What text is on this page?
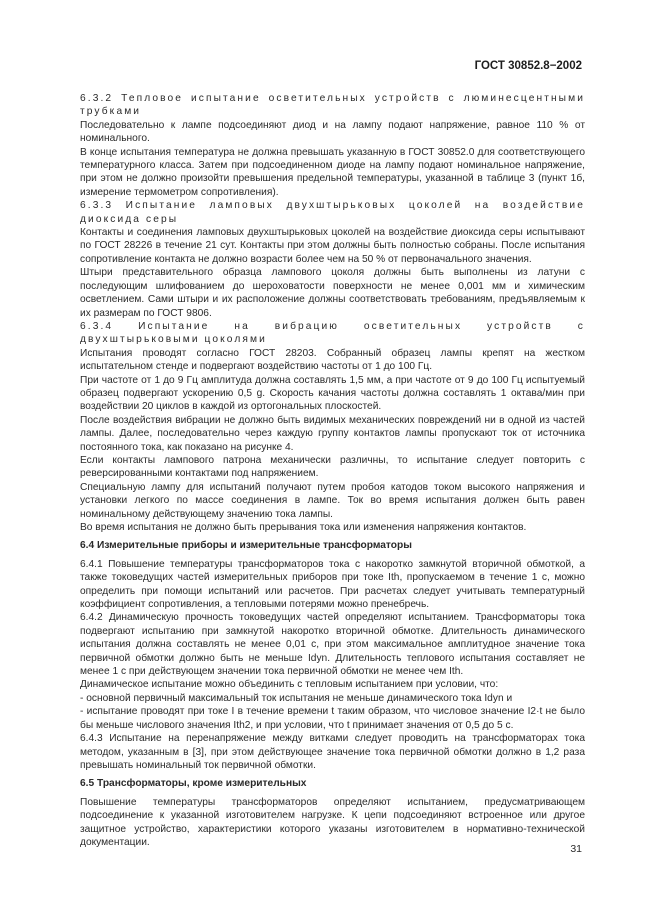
ГОСТ 30852.8−2002

6.3.2 Тепловое испытание осветительных устройств с люминесцентными трубками

Последовательно к лампе подсоединяют диод и на лампу подают напряжение, равное 110 % от номинального.

В конце испытания температура не должна превышать указанную в ГОСТ 30852.0 для соответствующего температурного класса. Затем при подсоединенном диоде на лампу подают номинальное напряжение, при этом не должно произойти превышения предельной температуры, указанной в таблице 3 (пункт 1б, измерение термометром сопротивления).

6.3.3 Испытание ламповых двухштырьковых цоколей на воздействие диоксида серы

Контакты и соединения ламповых двухштырьковых цоколей на воздействие диоксида серы испытывают по ГОСТ 28226 в течение 21 сут. Контакты при этом должны быть полностью собраны. После испытания сопротивление контакта не должно возрасти более чем на 50 % от первоначального значения.

Штыри представительного образца лампового цоколя должны быть выполнены из латуни с последующим шлифованием до шероховатости поверхности не менее 0,001 мм и химическим осветлением. Сами штыри и их расположение должны соответствовать требованиям, предъявляемым к их размерам по ГОСТ 9806.

6.3.4 Испытание на вибрацию осветительных устройств с двухштырьковыми цоколями

Испытания проводят согласно ГОСТ 28203. Собранный образец лампы крепят на жестком испытательном стенде и подвергают воздействию частоты от 1 до 100 Гц.

При частоте от 1 до 9 Гц амплитуда должна составлять 1,5 мм, а при частоте от 9 до 100 Гц испытуемый образец подвергают ускорению 0,5 g. Скорость качания частоты должна составлять 1 октава/мин при воздействии 20 циклов в каждой из ортогональных плоскостей.

После воздействия вибрации не должно быть видимых механических повреждений ни в одной из частей лампы. Далее, последовательно через каждую группу контактов лампы пропускают ток от источника постоянного тока, как показано на рисунке 4.

Если контакты лампового патрона механически различны, то испытание следует повторить с реверсированными контактами под напряжением.

Специальную лампу для испытаний получают путем пробоя катодов током высокого напряжения и установки легкого по массе соединения в лампе. Ток во время испытания должен быть равен номинальному действующему значению тока лампы.

Во время испытания не должно быть прерывания тока или изменения напряжения контактов.

6.4 Измерительные приборы и измерительные трансформаторы

6.4.1 Повышение температуры трансформаторов тока с накоротко замкнутой вторичной обмоткой, а также токоведущих частей измерительных приборов при токе Ith, пропускаемом в течение 1 с, можно определить при помощи испытаний или расчетов. При расчетах следует учитывать температурный коэффициент сопротивления, а тепловыми потерями можно пренебречь.

6.4.2 Динамическую прочность токоведущих частей определяют испытанием. Трансформаторы тока подвергают испытанию при замкнутой накоротко вторичной обмотке. Длительность динамического испытания должна составлять не менее 0,01 с, при этом максимальное амплитудное значение тока первичной обмотки должно быть не меньше Idyn. Длительность теплового испытания составляет не менее 1 с при действующем значении тока первичной обмотки не менее чем Ith.

Динамическое испытание можно объединить с тепловым испытанием при условии, что:

- основной первичный максимальный ток испытания не меньше динамического тока Idyn и

- испытание проводят при токе I в течение времени t таким образом, что числовое значение I2·t не было бы меньше числового значения Ith2, и при условии, что t принимает значения от 0,5 до 5 с.

6.4.3 Испытание на перенапряжение между витками следует проводить на трансформаторах тока методом, указанным в [3], при этом действующее значение тока первичной обмотки должно в 1,2 раза превышать номинальный ток первичной обмотки.

6.5 Трансформаторы, кроме измерительных

Повышение температуры трансформаторов определяют испытанием, предусматривающем подсоединение к указанной изготовителем нагрузке. К цепи подсоединяют встроенное или другое защитное устройство, характеристики которого указаны изготовителем в нормативно-технической документации.

31
